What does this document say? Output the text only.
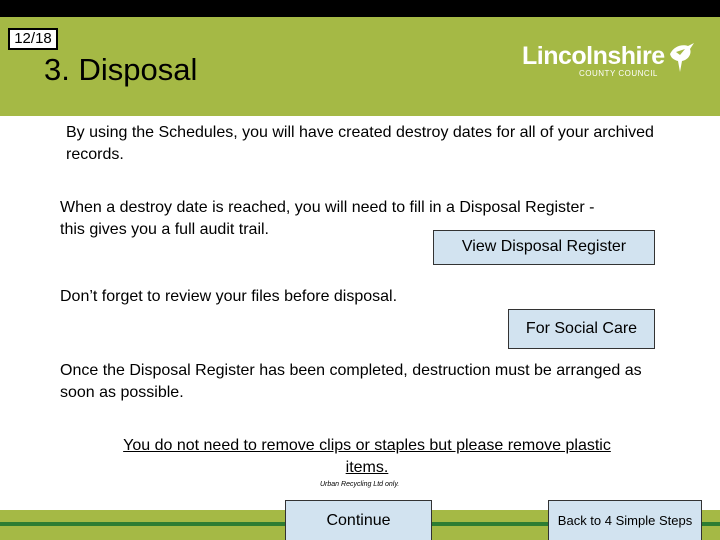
12/18
3. Disposal	Lincolnshire
COUNTY COUNCIL
By using the Schedules, you will have created destroy dates for all of your archived records.
When a destroy date is reached, you will need to fill in a Disposal Register - this gives you a full audit trail.
View Disposal Register
Don’t forget to review your files before disposal.
For Social Care
Once the Disposal Register has been completed, destruction must be arranged as soon as possible.
You do not need to remove clips or staples but please remove plastic items.
Urban Recycling Ltd only.
Continue	Back to 4 Simple Steps
